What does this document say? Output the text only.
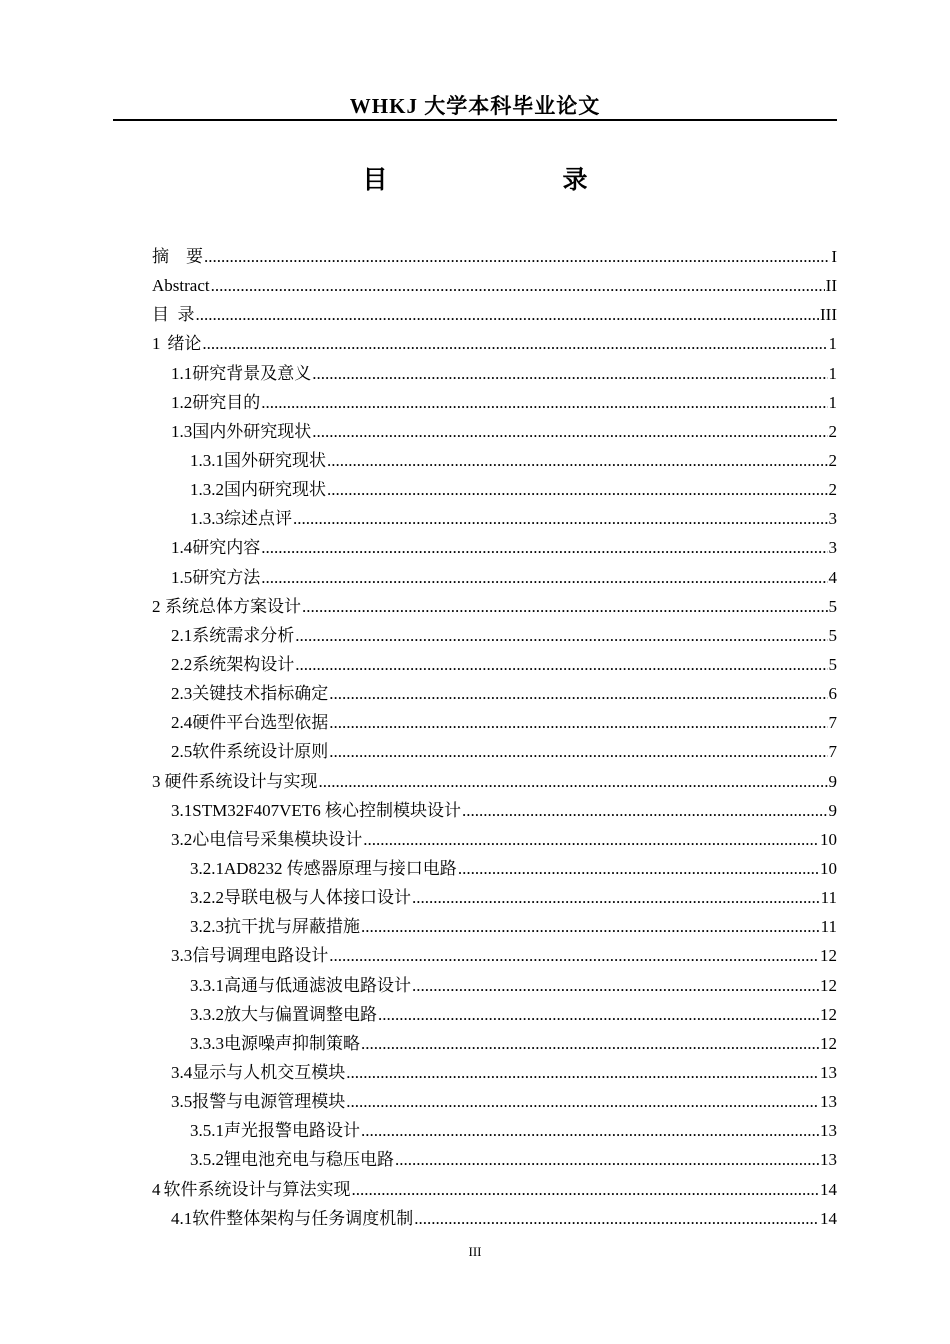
WHKJ 大学本科毕业论文
目    录
摘    要 .....	I
Abstract .....	II
目  录 .....	III
1 绪论 .....	1
1.1 研究背景及意义 .....	1
1.2 研究目的 .....	1
1.3 国内外研究现状 .....	2
1.3.1 国外研究现状 .....	2
1.3.2 国内研究现状 .....	2
1.3.3 综述点评 .....	3
1.4 研究内容 .....	3
1.5 研究方法 .....	4
2 系统总体方案设计 .....	5
2.1 系统需求分析 .....	5
2.2 系统架构设计 .....	5
2.3 关键技术指标确定 .....	6
2.4 硬件平台选型依据 .....	7
2.5 软件系统设计原则 .....	7
3 硬件系统设计与实现 .....	9
3.1 STM32F407VET6 核心控制模块设计 .....	9
3.2 心电信号采集模块设计 .....	10
3.2.1 AD8232 传感器原理与接口电路 .....	10
3.2.2 导联电极与人体接口设计 .....	11
3.2.3 抗干扰与屏蔽措施 .....	11
3.3 信号调理电路设计 .....	12
3.3.1 高通与低通滤波电路设计 .....	12
3.3.2 放大与偏置调整电路 .....	12
3.3.3 电源噪声抑制策略 .....	12
3.4 显示与人机交互模块 .....	13
3.5 报警与电源管理模块 .....	13
3.5.1 声光报警电路设计 .....	13
3.5.2 锂电池充电与稳压电路 .....	13
4 软件系统设计与算法实现 .....	14
4.1 软件整体架构与任务调度机制 .....	14
III
